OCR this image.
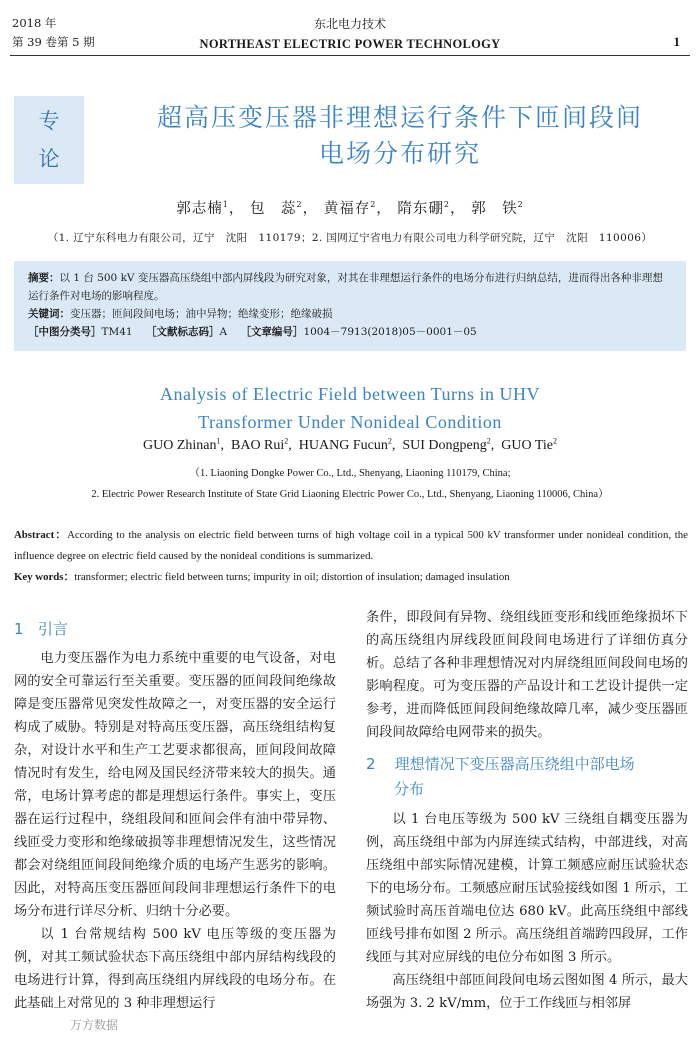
2018 年
第 39 卷第 5 期
东北电力技术
NORTHEAST ELECTRIC POWER TECHNOLOGY	1
专
论
超高压变压器非理想运行条件下匝间段间
电场分布研究
郭志楠$^1$， 包　蕊$^2$， 黄福存$^2$， 隋东硼$^2$， 郭　铁$^2$
（1. 辽宁东科电力有限公司，辽宁　沈阳　110179；2. 国网辽宁省电力有限公司电力科学研究院，辽宁　沈阳　110006）
摘要：以 1 台 500 kV 变压器高压绕组中部内屏线段为研究对象，对其在非理想运行条件的电场分布进行归纳总结，进而得出各种非理想运行条件对电场的影响程度。
关键词：变压器；匝间段间电场；油中异物；绝缘变形；绝缘破损
［中图分类号］TM41 ［文献标志码］A ［文章编号］1004－7913(2018)05－0001－05
Analysis of Electric Field between Turns in UHV
Transformer Under Nonideal Condition
GUO Zhinan$^1$,  BAO Rui$^2$,  HUANG Fucun$^2$,  SUI Dongpeng$^2$,  GUO Tie$^2$
（1. Liaoning Dongke Power Co., Ltd., Shenyang, Liaoning 110179, China;
2. Electric Power Research Institute of State Grid Liaoning Electric Power Co., Ltd., Shenyang, Liaoning 110006, China）
Abstract：According to the analysis on electric field between turns of high voltage coil in a typical 500 kV transformer under nonideal condition, the influence degree on electric field caused by the nonideal conditions is summarized.
Key words：transformer; electric field between turns; impurity in oil; distortion of insulation; damaged insulation
1 引言

电力变压器作为电力系统中重要的电气设备，对电网的安全可靠运行至关重要。变压器的匝间段间绝缘故障是变压器常见突发性故障之一，对变压器的安全运行构成了威胁。特别是对特高压变压器，高压绕组结构复杂，对设计水平和生产工艺要求都很高，匝间段间故障情况时有发生，给电网及国民经济带来较大的损失。通常，电场计算考虑的都是理想运行条件。事实上，变压器在运行过程中，绕组段间和匝间会伴有油中带异物、线匝受力变形和绝缘破损等非理想情况发生，这些情况都会对绕组匝间段间绝缘介质的电场产生恶劣的影响。因此，对特高压变压器匝间段间非理想运行条件下的电场分布进行详尽分析、归纳十分必要。

以 1 台常规结构 500 kV 电压等级的变压器为例，对其工频试验状态下高压绕组中部内屏结构线段的电场进行计算，得到高压绕组内屏线段的电场分布。在此基础上对常见的 3 种非理想运行

条件，即段间有异物、绕组线匝变形和线匝绝缘损坏下的高压绕组内屏线段匝间段间电场进行了详细仿真分析。总结了各种非理想情况对内屏绕组匝间段间电场的影响程度。可为变压器的产品设计和工艺设计提供一定参考，进而降低匝间段间绝缘故障几率，减少变压器匝间段间故障给电网带来的损失。

2 理想情况下变压器高压绕组中部电场
分布

以 1 台电压等级为 500 kV 三绕组自耦变压器为例，高压绕组中部为内屏连续式结构，中部进线，对高压绕组中部实际情况建模，计算工频感应耐压试验状态下的电场分布。工频感应耐压试验接线如图 1 所示，工频试验时高压首端电位达 680 kV。此高压绕组中部线匝线号排布如图 2 所示。高压绕组首端跨四段屏，工作线匝与其对应屏线的电位分布如图 3 所示。

高压绕组中部匝间段间电场云图如图 4 所示，最大场强为 3. 2 kV/mm，位于工作线匝与相邻屏

万方数据
